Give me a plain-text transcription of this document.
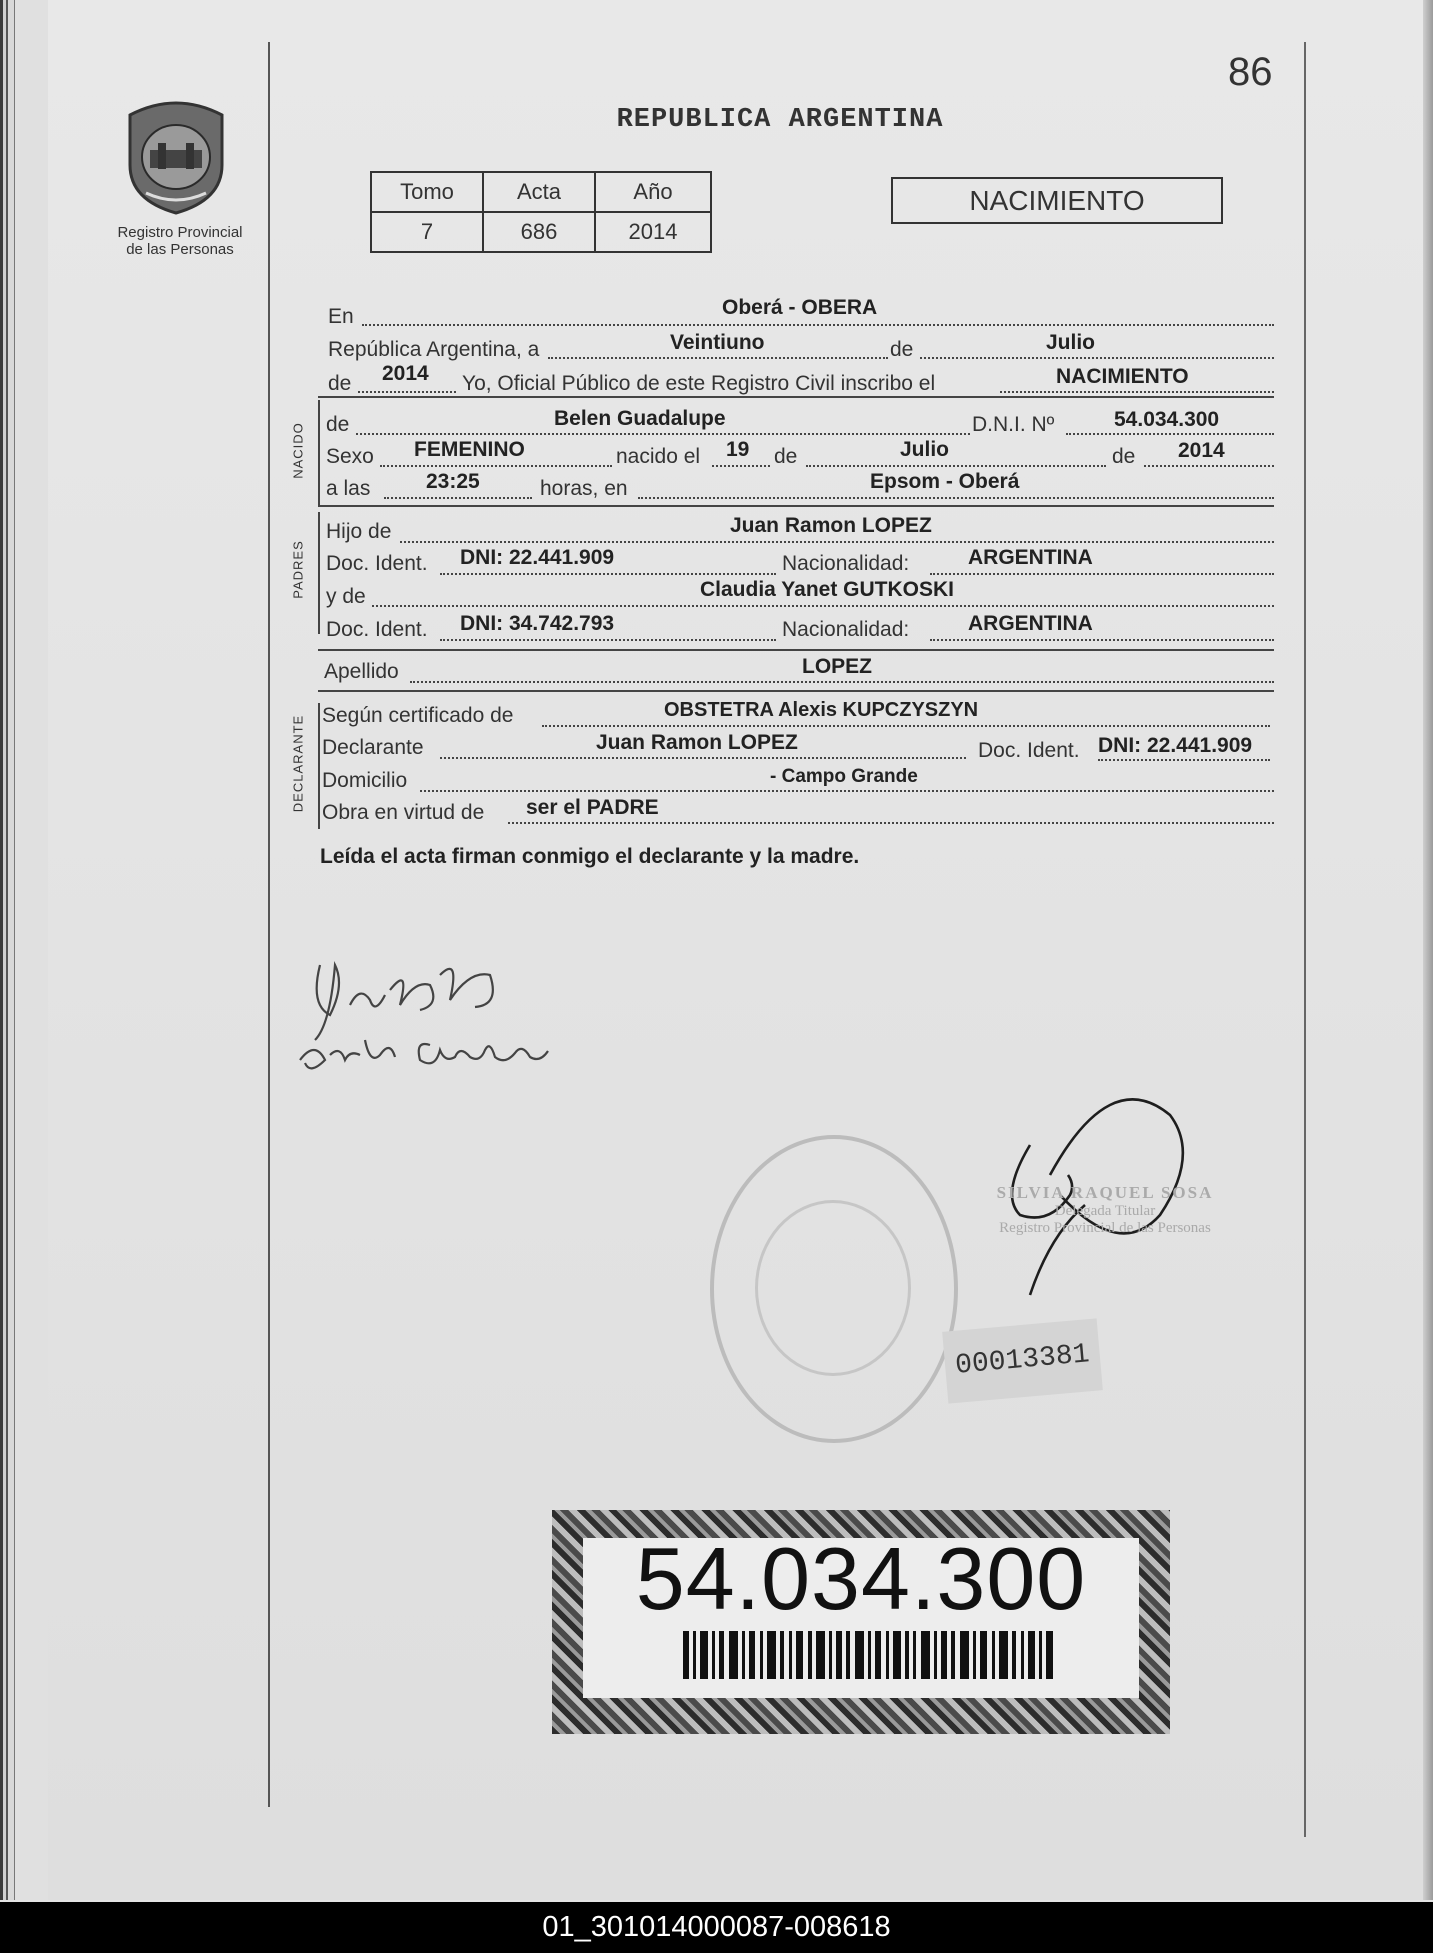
Registro Provincial
de las Personas
86
REPUBLICA ARGENTINA
Tomo	Acta	Año
7	686	2014
NACIMIENTO
En	Oberá - OBERA
República Argentina, a	Veintiuno	de	Julio
de 2014 Yo, Oficial Público de este Registro Civil inscribo el	NACIMIENTO
NACIDO de	Belen Guadalupe	D.N.I. Nº	54.034.300
Sexo FEMENINO	nacido el 19 de	Julio	de 2014
a las	23:25	horas, en	Epsom - Oberá
PADRES
Hijo de	Juan Ramon LOPEZ
Doc. Ident. DNI: 22.441.909	Nacionalidad:	ARGENTINA
y de	Claudia Yanet GUTKOSKI
Doc. Ident. DNI: 34.742.793	Nacionalidad:	ARGENTINA
Apellido	LOPEZ
DECLARANTE Según certificado de	OBSTETRA Alexis KUPCZYSZYN
Declarante	Juan Ramon LOPEZ	Doc. Ident. DNI: 22.441.909
Domicilio	- Campo Grande
Obra en virtud de ser el PADRE
Leída el acta firman conmigo el declarante y la madre.
SILVIA RAQUEL SOSA
Delegada Titular
Registro Provincial de las Personas
00013381
54.034.300
01_301014000087-008618
